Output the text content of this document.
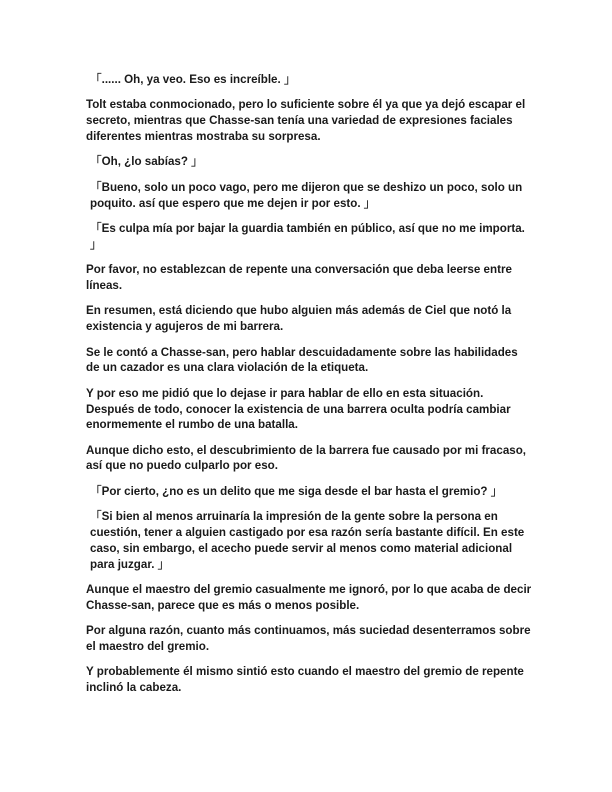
「...... Oh, ya veo. Eso es increíble. 」

Tolt estaba conmocionado, pero lo suficiente sobre él ya que ya dejó escapar el secreto, mientras que Chasse-san tenía una variedad de expresiones faciales diferentes mientras mostraba su sorpresa.

「Oh, ¿lo sabías? 」

「Bueno, solo un poco vago, pero me dijeron que se deshizo un poco, solo un poquito. así que espero que me dejen ir por esto. 」

「Es culpa mía por bajar la guardia también en público, así que no me importa. 」

Por favor, no establezcan de repente una conversación que deba leerse entre líneas.

En resumen, está diciendo que hubo alguien más además de Ciel que notó la existencia y agujeros de mi barrera.

Se le contó a Chasse-san, pero hablar descuidadamente sobre las habilidades de un cazador es una clara violación de la etiqueta.

Y por eso me pidió que lo dejase ir para hablar de ello en esta situación. Después de todo, conocer la existencia de una barrera oculta podría cambiar enormemente el rumbo de una batalla.

Aunque dicho esto, el descubrimiento de la barrera fue causado por mi fracaso, así que no puedo culparlo por eso.

「Por cierto, ¿no es un delito que me siga desde el bar hasta el gremio? 」

「Si bien al menos arruinaría la impresión de la gente sobre la persona en cuestión, tener a alguien castigado por esa razón sería bastante difícil. En este caso, sin embargo, el acecho puede servir al menos como material adicional para juzgar. 」

Aunque el maestro del gremio casualmente me ignoró, por lo que acaba de decir Chasse-san, parece que es más o menos posible.

Por alguna razón, cuanto más continuamos, más suciedad desenterramos sobre el maestro del gremio.

Y probablemente él mismo sintió esto cuando el maestro del gremio de repente inclinó la cabeza.
